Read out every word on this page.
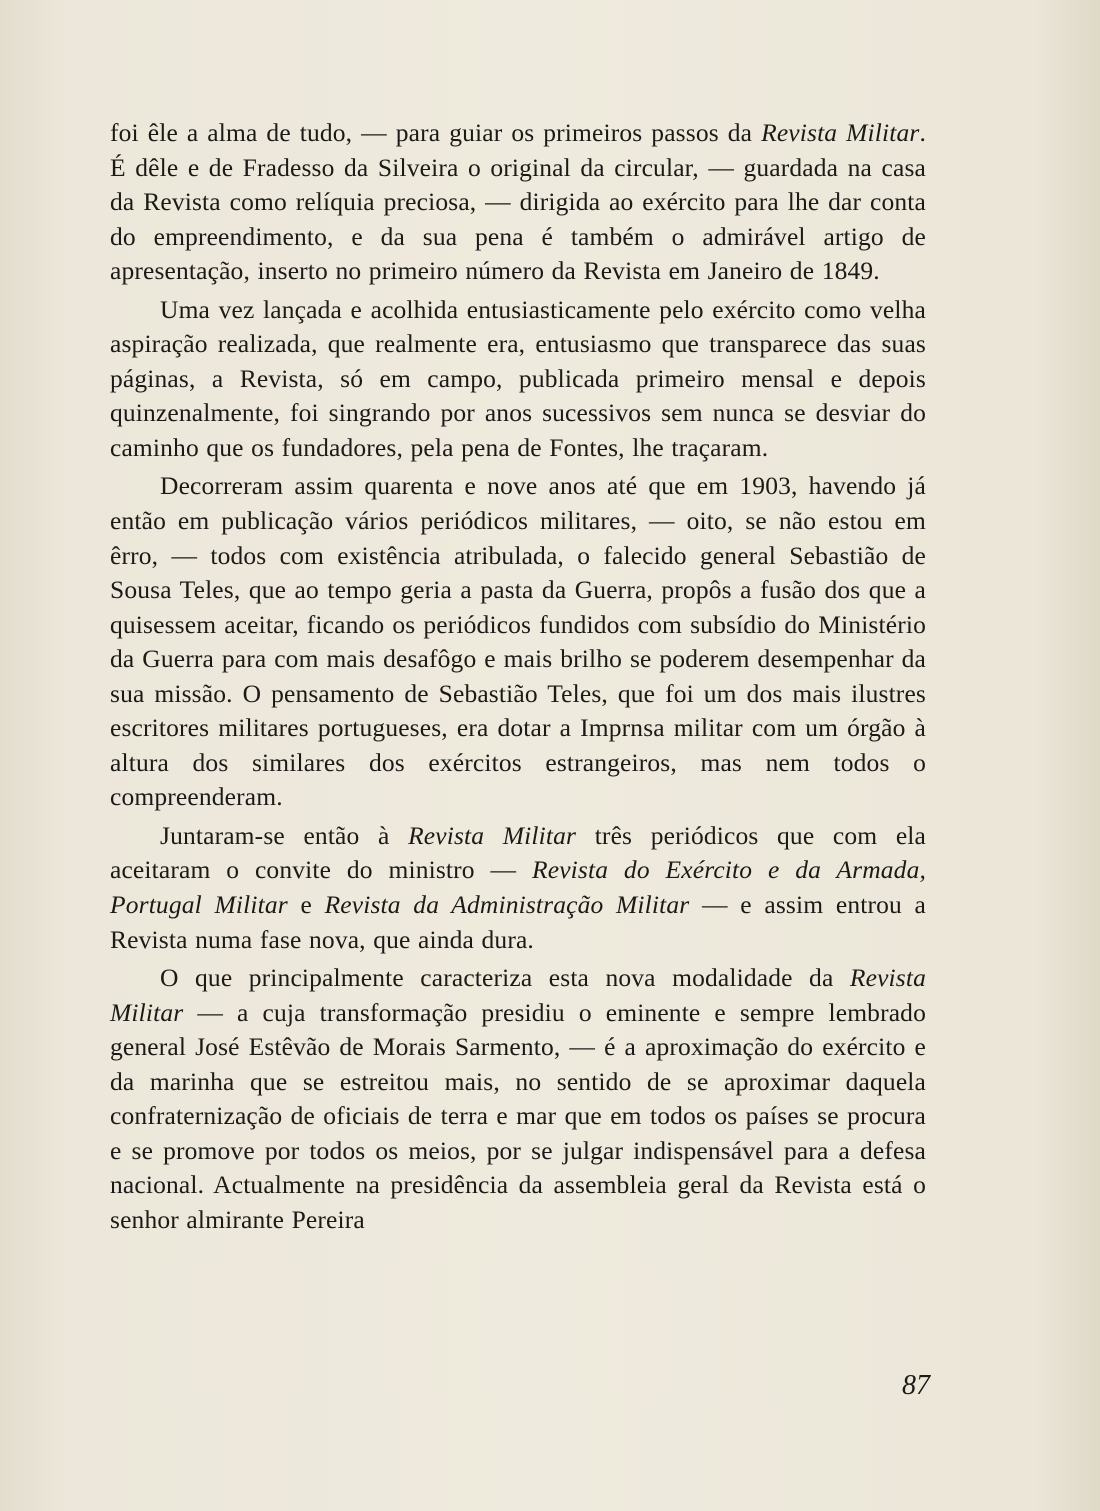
foi êle a alma de tudo, — para guiar os primeiros passos da Revista Militar. É dêle e de Fradesso da Silveira o original da circular, — guardada na casa da Revista como relíquia preciosa, — dirigida ao exército para lhe dar conta do empreendimento, e da sua pena é também o admirável artigo de apresentação, inserto no primeiro número da Revista em Janeiro de 1849.

Uma vez lançada e acolhida entusiasticamente pelo exército como velha aspiração realizada, que realmente era, entusiasmo que transparece das suas páginas, a Revista, só em campo, publicada primeiro mensal e depois quinzenalmente, foi singrando por anos sucessivos sem nunca se desviar do caminho que os fundadores, pela pena de Fontes, lhe traçaram.

Decorreram assim quarenta e nove anos até que em 1903, havendo já então em publicação vários periódicos militares, — oito, se não estou em êrro, — todos com existência atribulada, o falecido general Sebastião de Sousa Teles, que ao tempo geria a pasta da Guerra, propôs a fusão dos que a quisessem aceitar, ficando os periódicos fundidos com subsídio do Ministério da Guerra para com mais desafôgo e mais brilho se poderem desempenhar da sua missão. O pensamento de Sebastião Teles, que foi um dos mais ilustres escritores militares portugueses, era dotar a Imprnsa militar com um órgão à altura dos similares dos exércitos estrangeiros, mas nem todos o compreenderam.

Juntaram-se então à Revista Militar três periódicos que com ela aceitaram o convite do ministro — Revista do Exército e da Armada, Portugal Militar e Revista da Administração Militar — e assim entrou a Revista numa fase nova, que ainda dura.

O que principalmente caracteriza esta nova modalidade da Revista Militar — a cuja transformação presidiu o eminente e sempre lembrado general José Estêvão de Morais Sarmento, — é a aproximação do exército e da marinha que se estreitou mais, no sentido de se aproximar daquela confraternização de oficiais de terra e mar que em todos os países se procura e se promove por todos os meios, por se julgar indispensável para a defesa nacional. Actualmente na presidência da assembleia geral da Revista está o senhor almirante Pereira

87
